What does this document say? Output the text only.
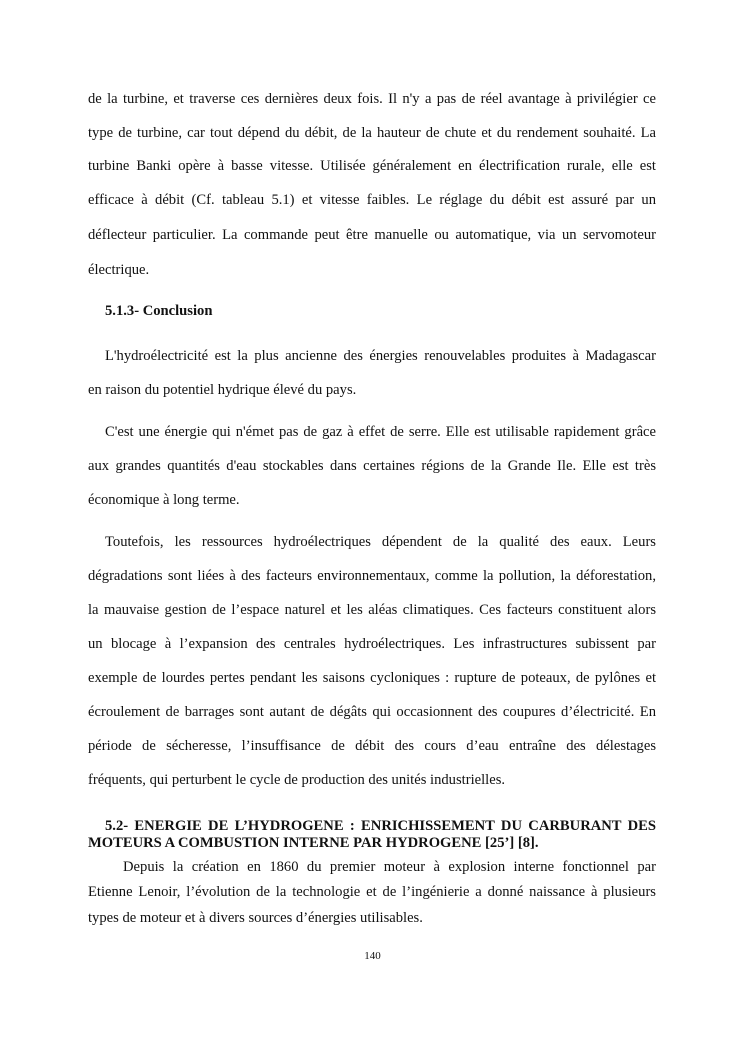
de la turbine, et traverse ces dernières deux fois. Il n'y a pas de réel avantage à privilégier ce
type de turbine, car tout dépend du débit, de la hauteur de chute et du rendement souhaité. La
turbine Banki opère à basse vitesse. Utilisée généralement en électrification rurale, elle est
efficace à débit (Cf. tableau 5.1) et vitesse faibles. Le réglage du débit est assuré par un
déflecteur particulier. La commande peut être manuelle ou automatique, via un servomoteur
électrique.
5.1.3- Conclusion
L'hydroélectricité est la plus ancienne des énergies renouvelables produites à Madagascar
en raison du potentiel hydrique élevé du pays.
C'est une énergie qui n'émet pas de gaz à effet de serre. Elle est utilisable rapidement grâce
aux grandes quantités d'eau stockables dans certaines régions de la Grande Ile. Elle est très
économique à long terme.
Toutefois, les ressources hydroélectriques dépendent de la qualité des eaux. Leurs
dégradations sont liées à des facteurs environnementaux, comme la pollution, la déforestation,
la mauvaise gestion de l’espace naturel et les aléas climatiques. Ces facteurs constituent alors
un blocage à l’expansion des centrales hydroélectriques. Les infrastructures subissent par
exemple de lourdes pertes pendant les saisons cycloniques : rupture de poteaux, de pylônes et
écroulement de barrages sont autant de dégâts qui occasionnent des coupures d’électricité. En
période de sécheresse, l’insuffisance de débit des cours d’eau entraîne des délestages
fréquents, qui perturbent le cycle de production des unités industrielles.
5.2- ENERGIE DE L’HYDROGENE : ENRICHISSEMENT DU CARBURANT DES
MOTEURS A COMBUSTION INTERNE PAR HYDROGENE [25’] [8].
Depuis la création en 1860 du premier moteur à explosion interne fonctionnel par
Etienne Lenoir, l’évolution de la technologie et de l’ingénierie a donné naissance à plusieurs
types de moteur et à divers sources d’énergies utilisables.
140
